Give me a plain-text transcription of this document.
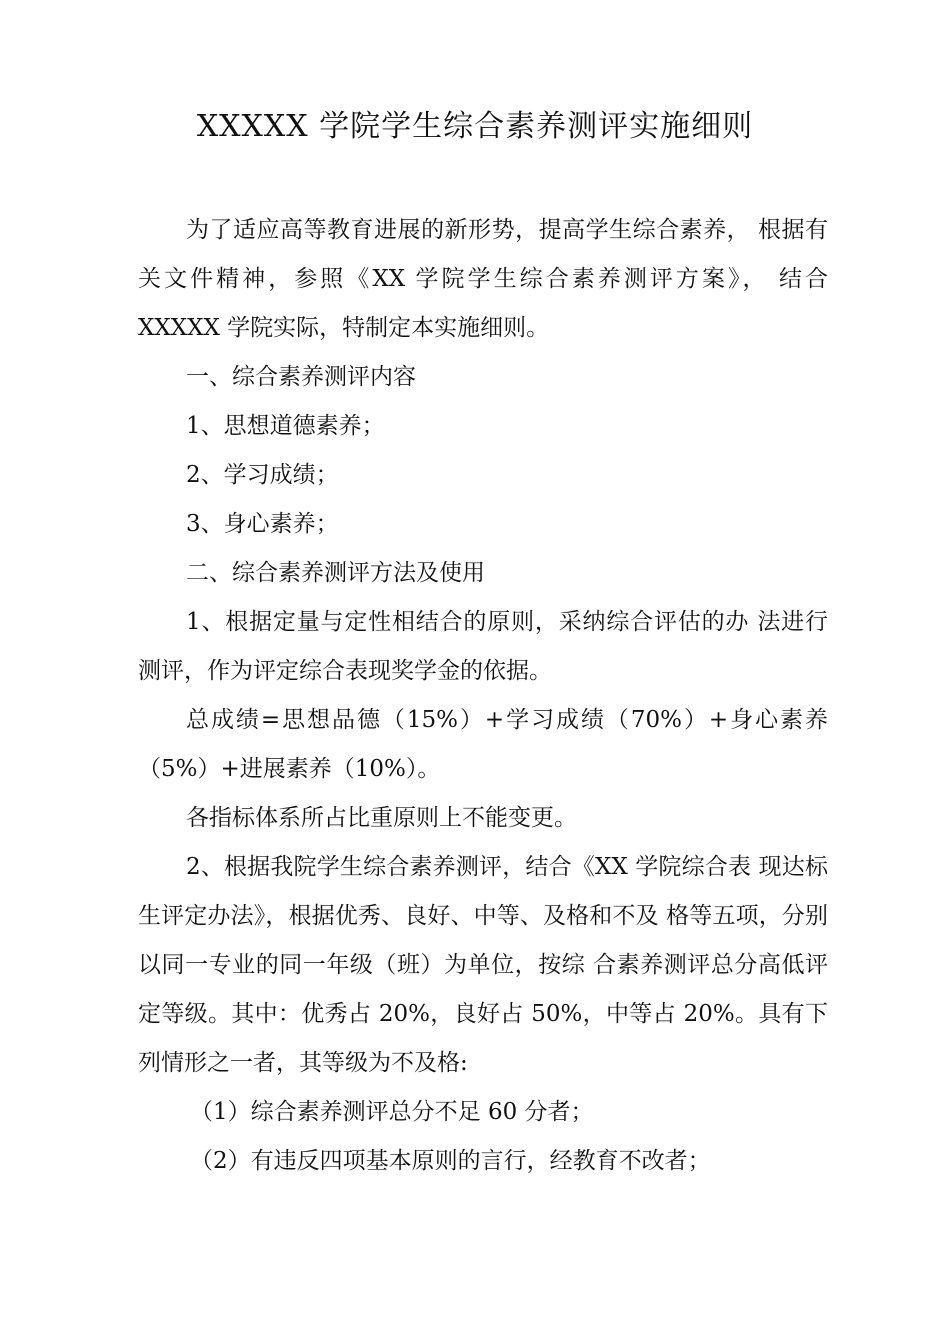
XXXXX 学院学生综合素养测评实施细则

为了适应高等教育进展的新形势，提高学生综合素养， 根据有关文件精神，参照《XX 学院学生综合素养测评方案》， 结合 XXXXX 学院实际，特制定本实施细则。

一、综合素养测评内容

1、思想道德素养；

2、学习成绩；

3、身心素养；

二、综合素养测评方法及使用

1、根据定量与定性相结合的原则，采纳综合评估的办 法进行测评，作为评定综合表现奖学金的依据。

总成绩=思想品德（15%）+学习成绩（70%）+身心素养（5%）+进展素养（10%）。

各指标体系所占比重原则上不能变更。

2、根据我院学生综合素养测评，结合《XX 学院综合表 现达标生评定办法》，根据优秀、良好、中等、及格和不及 格等五项，分别以同一专业的同一年级（班）为单位，按综 合素养测评总分高低评定等级。其中：优秀占 20%，良好占 50%，中等占 20%。具有下列情形之一者，其等级为不及格:

（1）综合素养测评总分不足 60 分者；

（2）有违反四项基本原则的言行，经教育不改者；
